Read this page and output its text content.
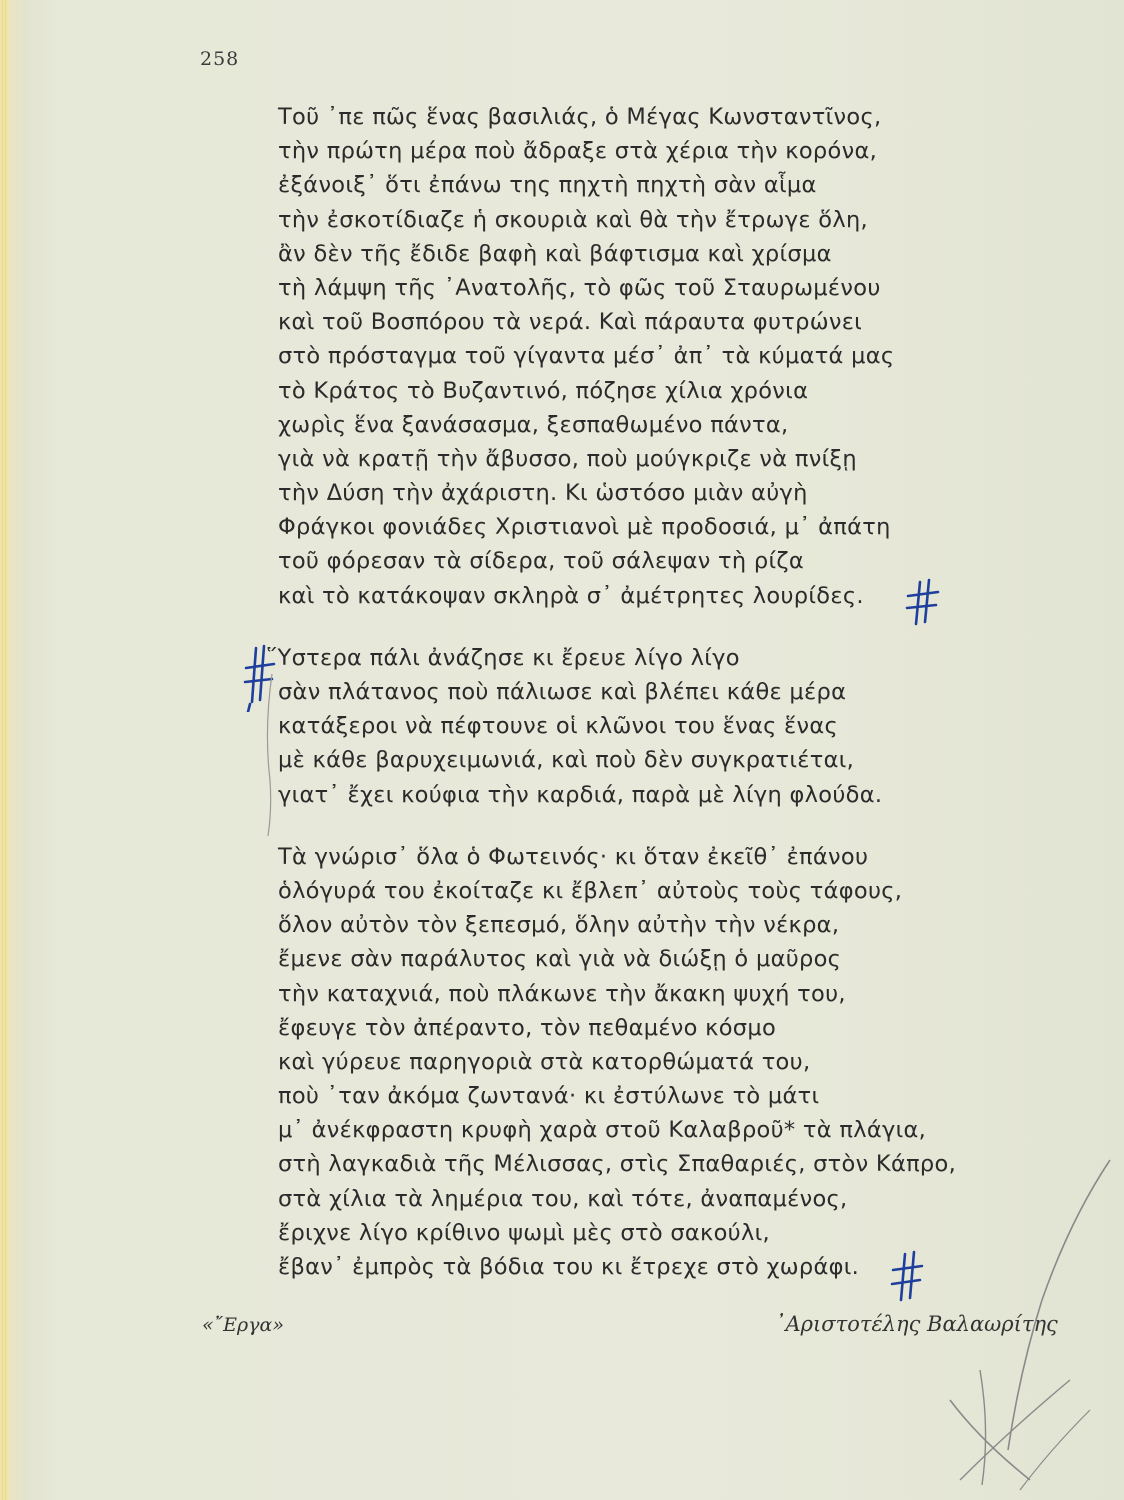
258
Τοῦ ᾿πε πῶς ἕνας βασιλιάς, ὁ Μέγας Κωνσταντῖνος,
τὴν πρώτη μέρα ποὺ ἄδραξε στὰ χέρια τὴν κορόνα,
ἐξάνοιξ᾿ ὅτι ἐπάνω της πηχτὴ πηχτὴ σὰν αἷμα
τὴν ἐσκοτίδιαζε ἡ σκουριὰ καὶ θὰ τὴν ἔτρωγε ὅλη,
ἂν δὲν τῆς ἔδιδε βαφὴ καὶ βάφτισμα καὶ χρίσμα
τὴ λάμψη τῆς ᾿Ανατολῆς, τὸ φῶς τοῦ Σταυρωμένου
καὶ τοῦ Βοσπόρου τὰ νερά. Καὶ πάραυτα φυτρώνει
στὸ πρόσταγμα τοῦ γίγαντα μέσ᾿ ἀπ᾿ τὰ κύματά μας
τὸ Κράτος τὸ Βυζαντινό, πόζησε χίλια χρόνια
χωρὶς ἕνα ξανάσασμα, ξεσπαθωμένο πάντα,
γιὰ νὰ κρατῇ τὴν ἄβυσσο, ποὺ μούγκριζε νὰ πνίξῃ
τὴν Δύση τὴν ἀχάριστη. Κι ὡστόσο μιὰν αὐγὴ
Φράγκοι φονιάδες Χριστιανοὶ μὲ προδοσιά, μ᾿ ἀπάτη
τοῦ φόρεσαν τὰ σίδερα, τοῦ σάλεψαν τὴ ρίζα
καὶ τὸ κατάκοψαν σκληρὰ σ᾿ ἀμέτρητες λουρίδες.
῞Υστερα πάλι ἀνάζησε κι ἔρευε λίγο λίγο
σὰν πλάτανος ποὺ πάλιωσε καὶ βλέπει κάθε μέρα
κατάξεροι νὰ πέφτουνε οἱ κλῶνοι του ἕνας ἕνας
μὲ κάθε βαρυχειμωνιά, καὶ ποὺ δὲν συγκρατιέται,
γιατ᾿ ἔχει κούφια τὴν καρδιά, παρὰ μὲ λίγη φλούδα.
Τὰ γνώρισ᾿ ὅλα ὁ Φωτεινός· κι ὅταν ἐκεῖθ᾿ ἐπάνου
ὁλόγυρά του ἐκοίταζε κι ἔβλεπ᾿ αὐτοὺς τοὺς τάφους,
ὅλον αὐτὸν τὸν ξεπεσμό, ὅλην αὐτὴν τὴν νέκρα,
ἔμενε σὰν παράλυτος καὶ γιὰ νὰ διώξῃ ὁ μαῦρος
τὴν καταχνιά, ποὺ πλάκωνε τὴν ἄκακη ψυχή του,
ἔφευγε τὸν ἀπέραντο, τὸν πεθαμένο κόσμο
καὶ γύρευε παρηγοριὰ στὰ κατορθώματά του,
ποὺ ᾿ταν ἀκόμα ζωντανά· κι ἐστύλωνε τὸ μάτι
μ᾿ ἀνέκφραστη κρυφὴ χαρὰ στοῦ Καλαβροῦ* τὰ πλάγια,
στὴ λαγκαδιὰ τῆς Μέλισσας, στὶς Σπαθαριές, στὸν Κάπρο,
στὰ χίλια τὰ λημέρια του, καὶ τότε, ἀναπαμένος,
ἔριχνε λίγο κρίθινο ψωμὶ μὲς στὸ σακούλι,
ἔβαν᾿ ἐμπρὸς τὰ βόδια του κι ἔτρεχε στὸ χωράφι.
«῎Εργα»	᾿Αριστοτέλης Βαλαωρίτης
